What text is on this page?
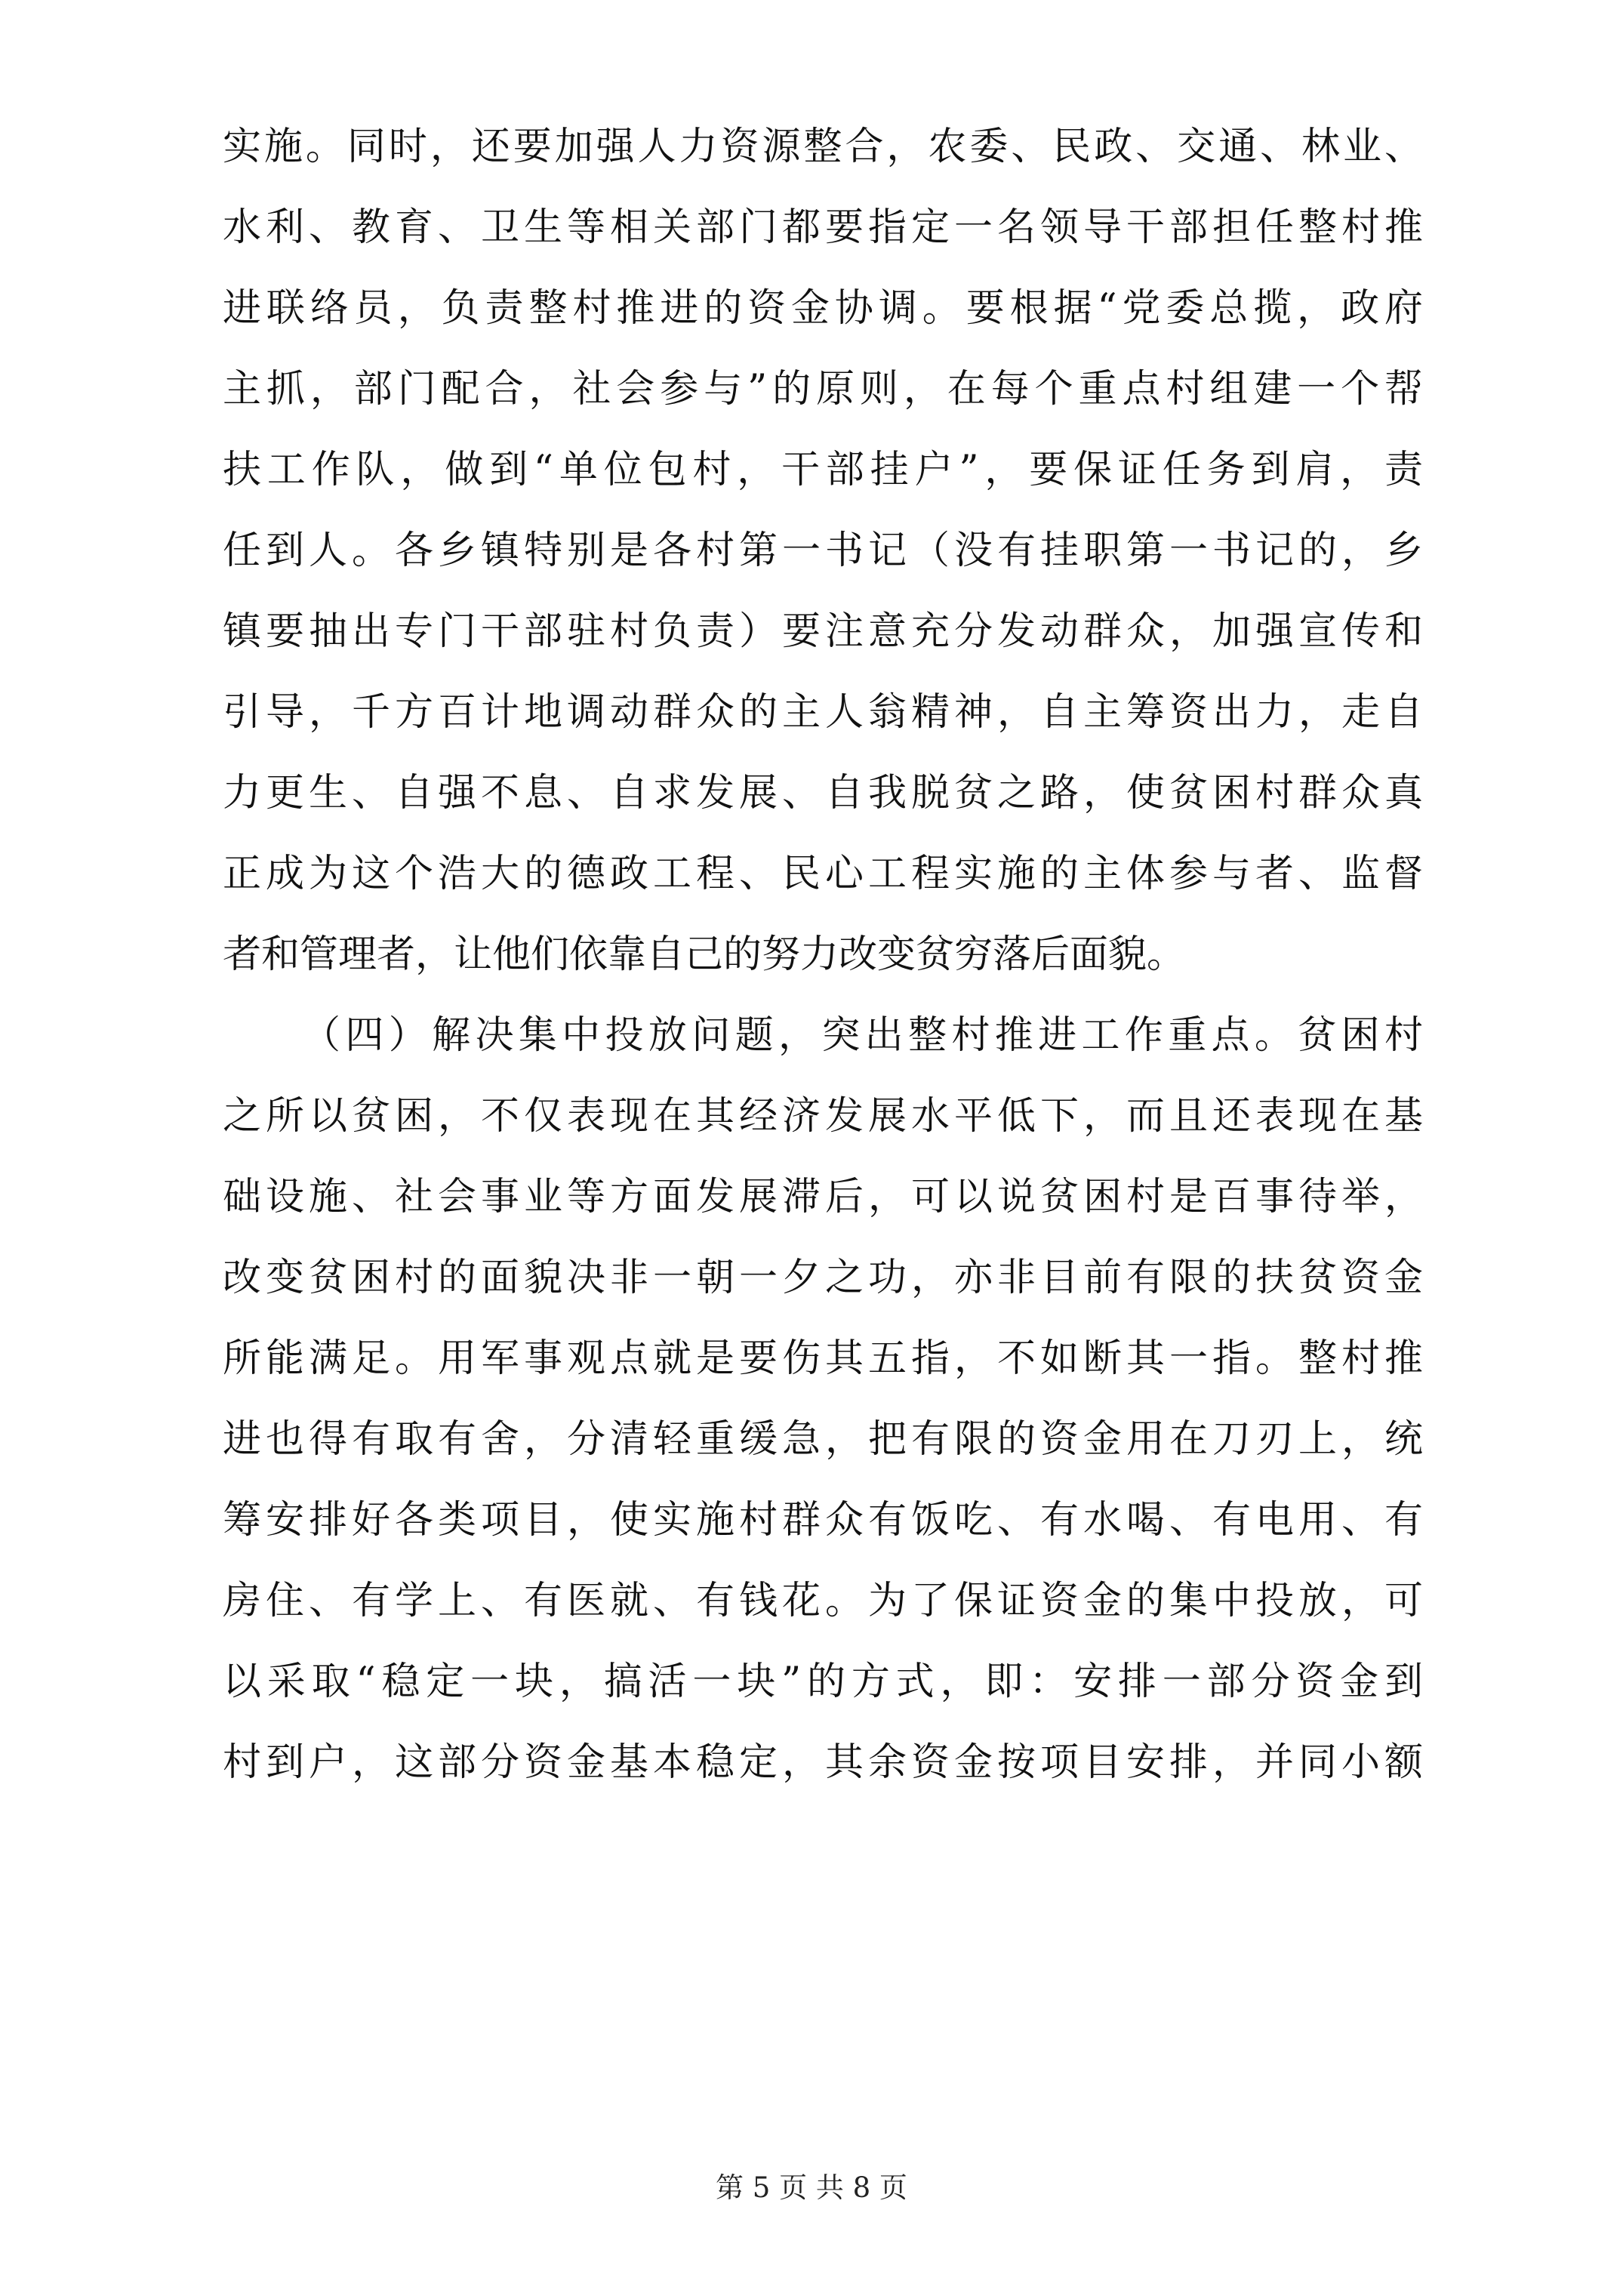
实施。同时，还要加强人力资源整合，农委、民政、交通、林业、
水利、教育、卫生等相关部门都要指定一名领导干部担任整村推
进联络员，负责整村推进的资金协调。要根据“党委总揽，政府
主抓，部门配合，社会参与”的原则，在每个重点村组建一个帮
扶工作队，做到“单位包村，干部挂户”，要保证任务到肩，责
任到人。各乡镇特别是各村第一书记（没有挂职第一书记的，乡
镇要抽出专门干部驻村负责）要注意充分发动群众，加强宣传和
引导，千方百计地调动群众的主人翁精神，自主筹资出力，走自
力更生、自强不息、自求发展、自我脱贫之路，使贫困村群众真
正成为这个浩大的德政工程、民心工程实施的主体参与者、监督
者和管理者，让他们依靠自己的努力改变贫穷落后面貌。
（四）解决集中投放问题，突出整村推进工作重点。贫困村
之所以贫困，不仅表现在其经济发展水平低下，而且还表现在基
础设施、社会事业等方面发展滞后，可以说贫困村是百事待举，
改变贫困村的面貌决非一朝一夕之功，亦非目前有限的扶贫资金
所能满足。用军事观点就是要伤其五指，不如断其一指。整村推
进也得有取有舍，分清轻重缓急，把有限的资金用在刀刃上，统
筹安排好各类项目，使实施村群众有饭吃、有水喝、有电用、有
房住、有学上、有医就、有钱花。为了保证资金的集中投放，可
以采取“稳定一块，搞活一块”的方式，即：安排一部分资金到
村到户，这部分资金基本稳定，其余资金按项目安排，并同小额
第 5 页 共 8 页
